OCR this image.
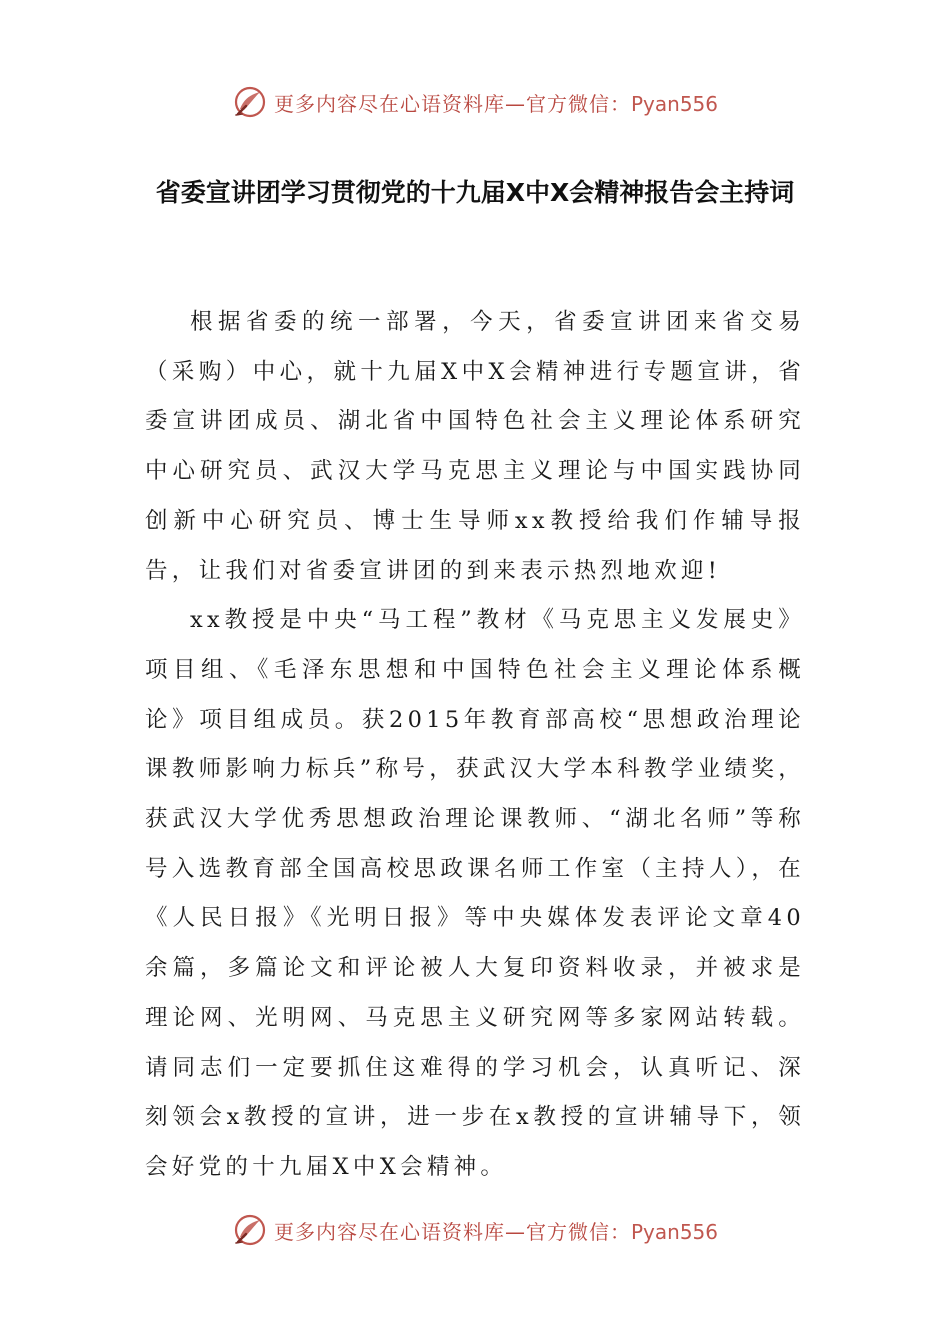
更多内容尽在心语资料库—官方微信：Pyan556
省委宣讲团学习贯彻党的十九届X中X会精神报告会主持词

根据省委的统一部署，今天，省委宣讲团来省交易（采购）中心，就十九届X中X会精神进行专题宣讲，省委宣讲团成员、湖北省中国特色社会主义理论体系研究中心研究员、武汉大学马克思主义理论与中国实践协同创新中心研究员、博士生导师xx教授给我们作辅导报告，让我们对省委宣讲团的到来表示热烈地欢迎!

xx教授是中央“马工程”教材《马克思主义发展史》项目组、《毛泽东思想和中国特色社会主义理论体系概论》项目组成员。获2015年教育部高校“思想政治理论课教师影响力标兵”称号，获武汉大学本科教学业绩奖，获武汉大学优秀思想政治理论课教师、“湖北名师”等称号入选教育部全国高校思政课名师工作室（主持人），在《人民日报》《光明日报》等中央媒体发表评论文章40余篇，多篇论文和评论被人大复印资料收录，并被求是理论网、光明网、马克思主义研究网等多家网站转载。请同志们一定要抓住这难得的学习机会，认真听记、深刻领会x教授的宣讲，进一步在x教授的宣讲辅导下，领会好党的十九届X中X会精神。

更多内容尽在心语资料库—官方微信：Pyan556
